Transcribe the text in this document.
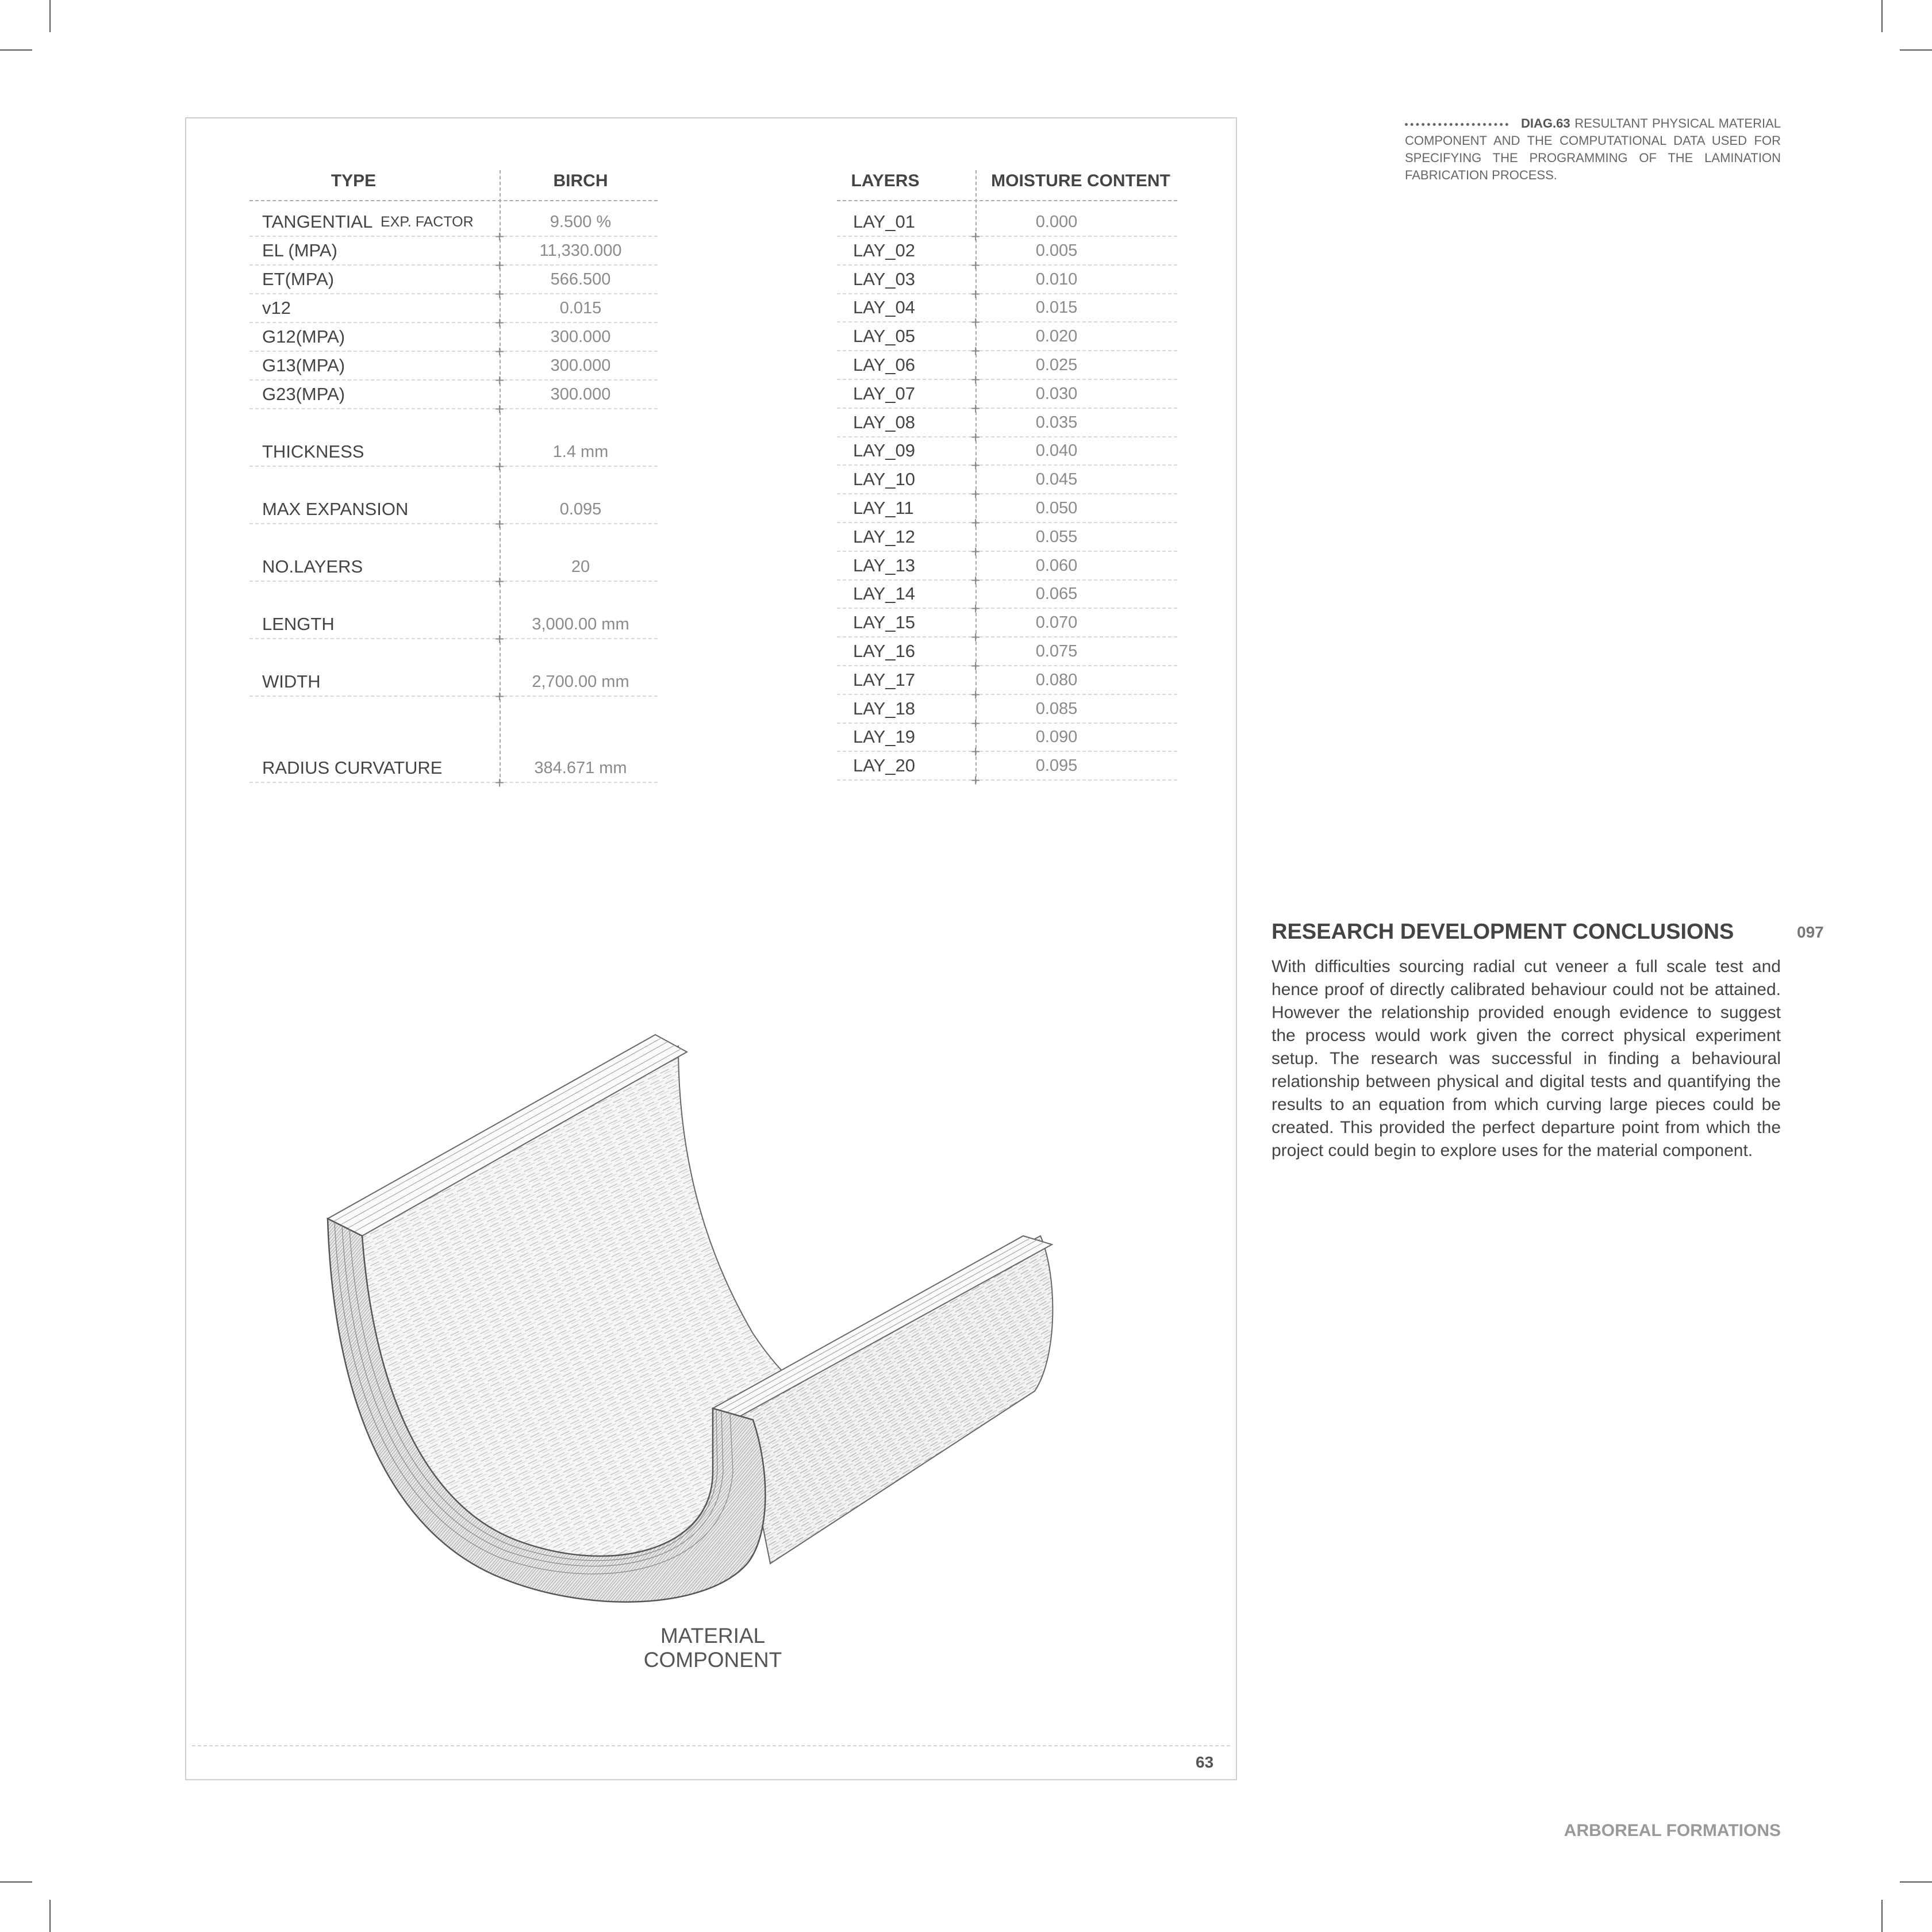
TYPE	BIRCH
TANGENTIAL EXP. FACTOR	9.500 %
+
EL (MPA)	11,330.000
+
ET(MPA)	566.500
+
v12	0.015
+
G12(MPA)	300.000
+
G13(MPA)	300.000
+
G23(MPA)	300.000
+
THICKNESS	1.4 mm
+
MAX EXPANSION	0.095
+
NO.LAYERS	20
+
LENGTH	3,000.00 mm
+
WIDTH	2,700.00 mm
+
RADIUS CURVATURE	384.671 mm
+
LAYERS	MOISTURE CONTENT
LAY_01	0.000
+
LAY_02	0.005
+
LAY_03	0.010
+
LAY_04	0.015
+
LAY_05	0.020
+
LAY_06	0.025
+
LAY_07	0.030
+
LAY_08	0.035
+
LAY_09	0.040
+
LAY_10	0.045
+
LAY_11	0.050
+
LAY_12	0.055
+
LAY_13	0.060
+
LAY_14	0.065
+
LAY_15	0.070
+
LAY_16	0.075
+
LAY_17	0.080
+
LAY_18	0.085
+
LAY_19	0.090
+
LAY_20	0.095
+
MATERIAL COMPONENT
63
DIAG.63 RESULTANT PHYSICAL MATERIAL COMPONENT AND THE COMPUTATIONAL DATA USED FOR SPECIFYING THE PROGRAMMING OF THE LAMINATION FABRICATION PROCESS.
RESEARCH DEVELOPMENT CONCLUSIONS	097
With difficulties sourcing radial cut veneer a full scale test and hence proof of directly calibrated behaviour could not be attained. However the relationship provided enough evidence to suggest the process would work given the correct physical experiment setup. The research was successful in finding a behavioural relationship between physical and digital tests and quantifying the results to an equation from which curving large pieces could be created. This provided the perfect departure point from which the project could begin to explore uses for the material component.
ARBOREAL FORMATIONS
